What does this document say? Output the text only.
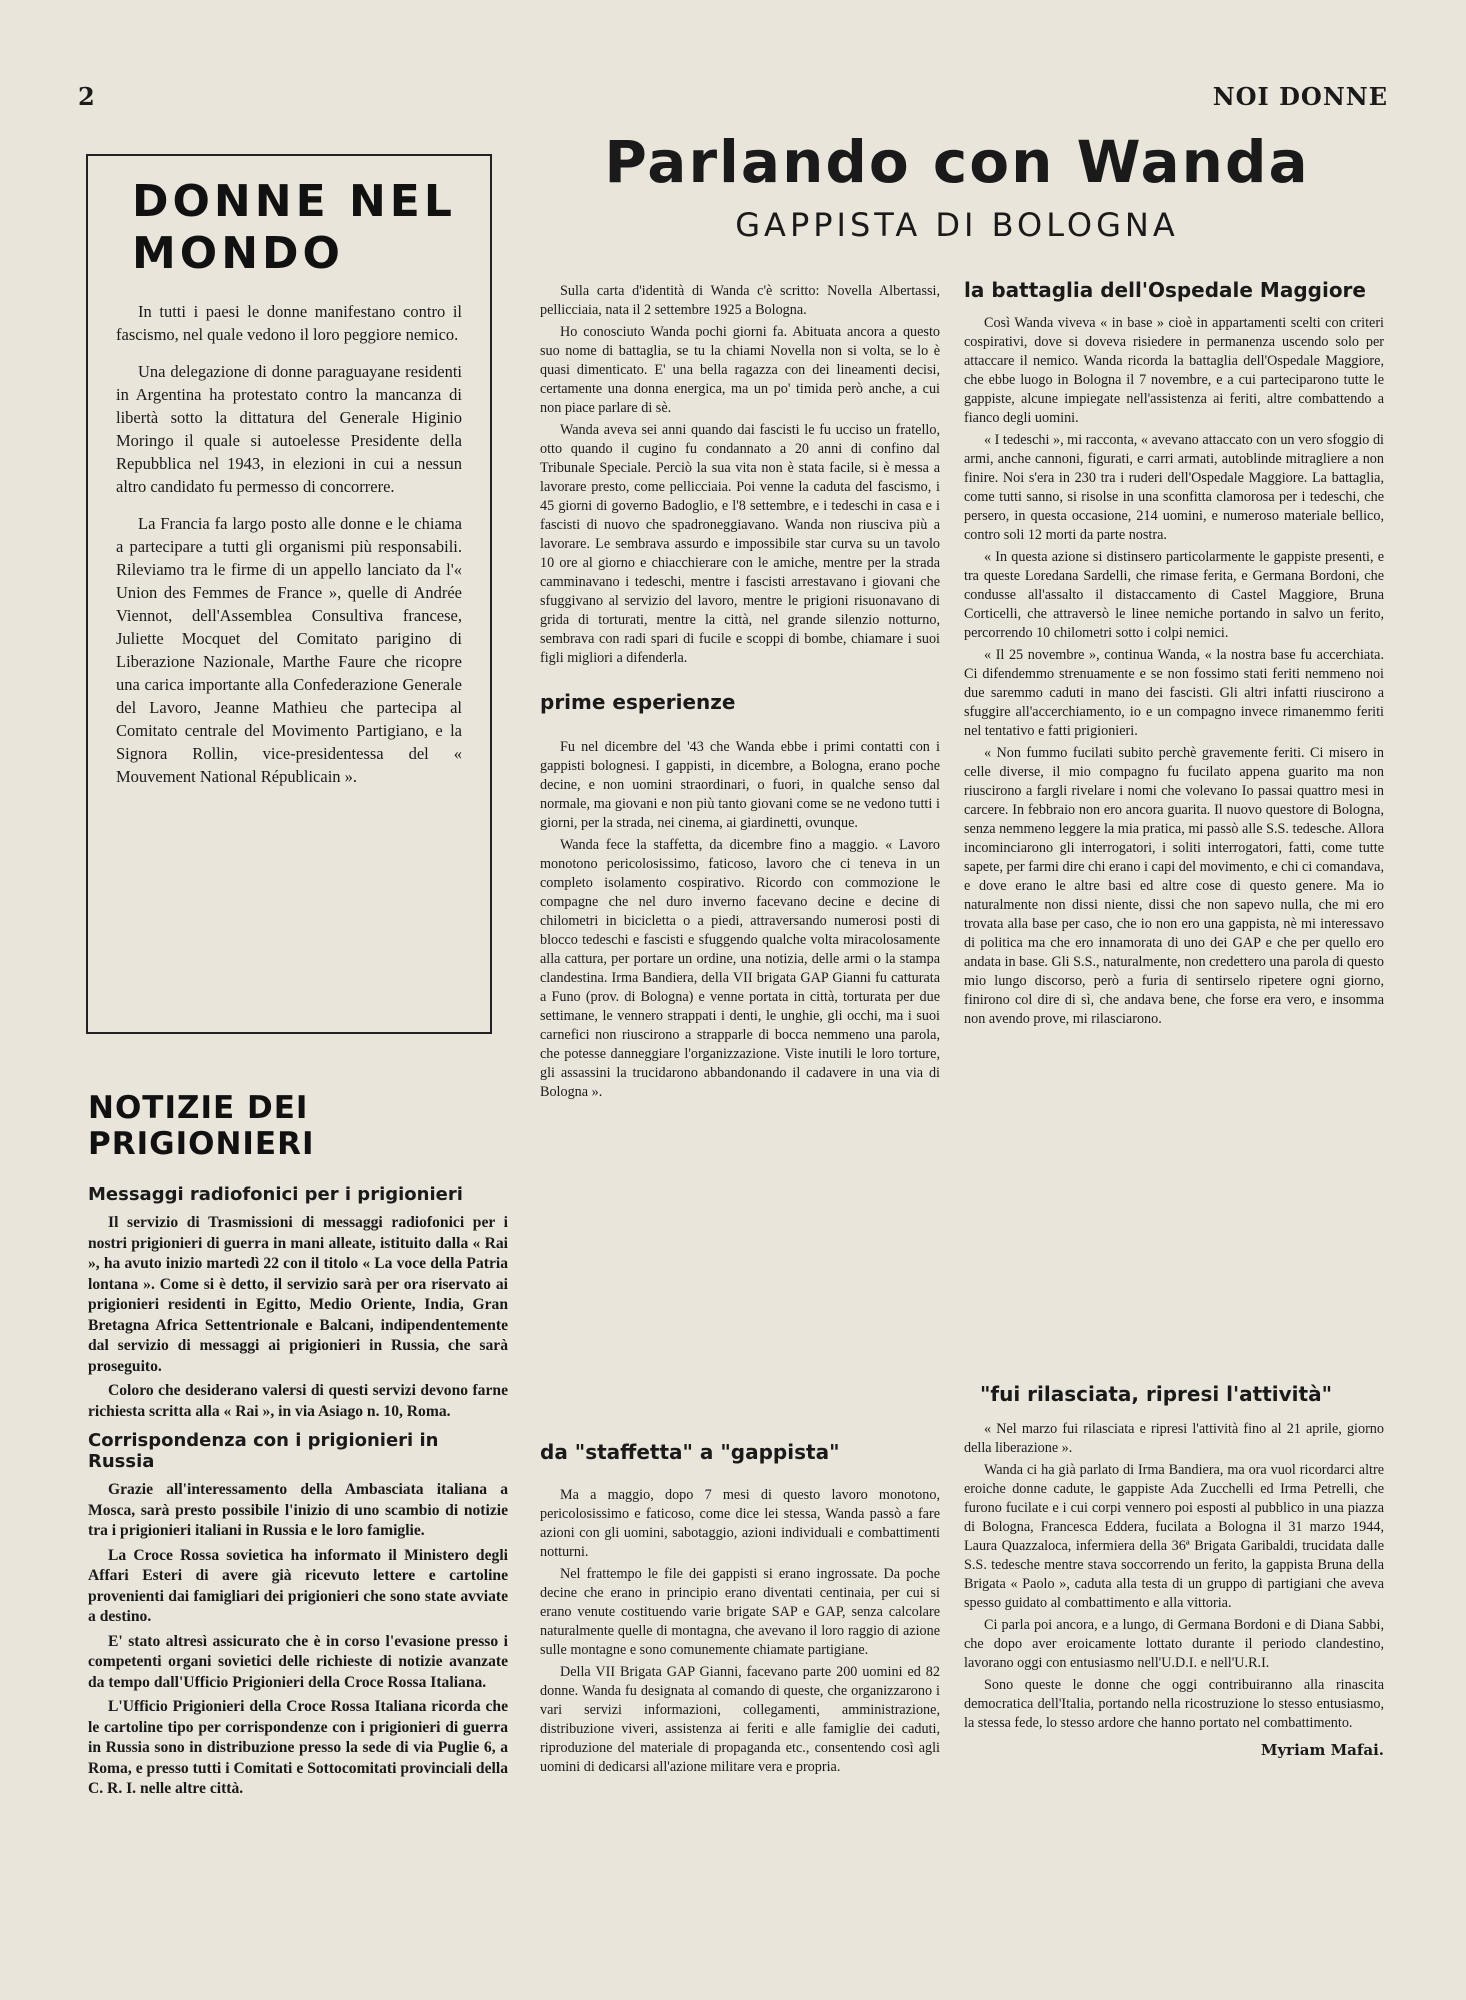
2	NOI DONNE
DONNE NEL MONDO

In tutti i paesi le donne manifestano contro il fascismo, nel quale vedono il loro peggiore nemico.

Una delegazione di donne paraguayane residenti in Argentina ha protestato contro la mancanza di libertà sotto la dittatura del Generale Higinio Moringo il quale si autoelesse Presidente della Repubblica nel 1943, in elezioni in cui a nessun altro candidato fu permesso di concorrere.

La Francia fa largo posto alle donne e le chiama a partecipare a tutti gli organismi più responsabili. Rileviamo tra le firme di un appello lanciato da l'« Union des Femmes de France », quelle di Andrée Viennot, dell'Assemblea Consultiva francese, Juliette Mocquet del Comitato parigino di Liberazione Nazionale, Marthe Faure che ricopre una carica importante alla Confederazione Generale del Lavoro, Jeanne Mathieu che partecipa al Comitato centrale del Movimento Partigiano, e la Signora Rollin, vice-presidentessa del « Mouvement National Républicain ».

NOTIZIE DEI PRIGIONIERI
Messaggi radiofonici per i prigionieri

Il servizio di Trasmissioni di messaggi radiofonici per i nostri prigionieri di guerra in mani alleate, istituito dalla « Rai », ha avuto inizio martedì 22 con il titolo « La voce della Patria lontana ». Come si è detto, il servizio sarà per ora riservato ai prigionieri residenti in Egitto, Medio Oriente, India, Gran Bretagna Africa Settentrionale e Balcani, indipendentemente dal servizio di messaggi ai prigionieri in Russia, che sarà proseguito.

Coloro che desiderano valersi di questi servizi devono farne richiesta scritta alla « Rai », in via Asiago n. 10, Roma.

Corrispondenza con i prigionieri in Russia

Grazie all'interessamento della Ambasciata italiana a Mosca, sarà presto possibile l'inizio di uno scambio di notizie tra i prigionieri italiani in Russia e le loro famiglie.

La Croce Rossa sovietica ha informato il Ministero degli Affari Esteri di avere già ricevuto lettere e cartoline provenienti dai famigliari dei prigionieri che sono state avviate a destino.

E' stato altresì assicurato che è in corso l'evasione presso i competenti organi sovietici delle richieste di notizie avanzate da tempo dall'Ufficio Prigionieri della Croce Rossa Italiana.

L'Ufficio Prigionieri della Croce Rossa Italiana ricorda che le cartoline tipo per corrispondenze con i prigionieri di guerra in Russia sono in distribuzione presso la sede di via Puglie 6, a Roma, e presso tutti i Comitati e Sottocomitati provinciali della C. R. I. nelle altre città.

Parlando con Wanda
GAPPISTA DI BOLOGNA

Sulla carta d'identità di Wanda c'è scritto: Novella Albertassi, pellicciaia, nata il 2 settembre 1925 a Bologna.

Ho conosciuto Wanda pochi giorni fa. Abituata ancora a questo suo nome di battaglia, se tu la chiami Novella non si volta, se lo è quasi dimenticato. E' una bella ragazza con dei lineamenti decisi, certamente una donna energica, ma un po' timida però anche, a cui non piace parlare di sè.

Wanda aveva sei anni quando dai fascisti le fu ucciso un fratello, otto quando il cugino fu condannato a 20 anni di confino dal Tribunale Speciale. Perciò la sua vita non è stata facile, si è messa a lavorare presto, come pellicciaia. Poi venne la caduta del fascismo, i 45 giorni di governo Badoglio, e l'8 settembre, e i tedeschi in casa e i fascisti di nuovo che spadroneggiavano. Wanda non riusciva più a lavorare. Le sembrava assurdo e impossibile star curva su un tavolo 10 ore al giorno e chiacchierare con le amiche, mentre per la strada camminavano i tedeschi, mentre i fascisti arrestavano i giovani che sfuggivano al servizio del lavoro, mentre le prigioni risuonavano di grida di torturati, mentre la città, nel grande silenzio notturno, sembrava con radi spari di fucile e scoppi di bombe, chiamare i suoi figli migliori a difenderla.

prime esperienze

Fu nel dicembre del '43 che Wanda ebbe i primi contatti con i gappisti bolognesi. I gappisti, in dicembre, a Bologna, erano poche decine, e non uomini straordinari, o fuori, in qualche senso dal normale, ma giovani e non più tanto giovani come se ne vedono tutti i giorni, per la strada, nei cinema, ai giardinetti, ovunque.

Wanda fece la staffetta, da dicembre fino a maggio. « Lavoro monotono pericolosissimo, faticoso, lavoro che ci teneva in un completo isolamento cospirativo. Ricordo con commozione le compagne che nel duro inverno facevano decine e decine di chilometri in bicicletta o a piedi, attraversando numerosi posti di blocco tedeschi e fascisti e sfuggendo qualche volta miracolosamente alla cattura, per portare un ordine, una notizia, delle armi o la stampa clandestina. Irma Bandiera, della VII brigata GAP Gianni fu catturata a Funo (prov. di Bologna) e venne portata in città, torturata per due settimane, le vennero strappati i denti, le unghie, gli occhi, ma i suoi carnefici non riuscirono a strapparle di bocca nemmeno una parola, che potesse danneggiare l'organizzazione. Viste inutili le loro torture, gli assassini la trucidarono abbandonando il cadavere in una via di Bologna ».

da "staffetta" a "gappista"

Ma a maggio, dopo 7 mesi di questo lavoro monotono, pericolosissimo e faticoso, come dice lei stessa, Wanda passò a fare azioni con gli uomini, sabotaggio, azioni individuali e combattimenti notturni.

Nel frattempo le file dei gappisti si erano ingrossate. Da poche decine che erano in principio erano diventati centinaia, per cui si erano venute costituendo varie brigate SAP e GAP, senza calcolare naturalmente quelle di montagna, che avevano il loro raggio di azione sulle montagne e sono comunemente chiamate partigiane.

Della VII Brigata GAP Gianni, facevano parte 200 uomini ed 82 donne. Wanda fu designata al comando di queste, che organizzarono i vari servizi informazioni, collegamenti, amministrazione, distribuzione viveri, assistenza ai feriti e alle famiglie dei caduti, riproduzione del materiale di propaganda etc., consentendo così agli uomini di dedicarsi all'azione militare vera e propria.

la battaglia dell'Ospedale Maggiore

Così Wanda viveva « in base » cioè in appartamenti scelti con criteri cospirativi, dove si doveva risiedere in permanenza uscendo solo per attaccare il nemico. Wanda ricorda la battaglia dell'Ospedale Maggiore, che ebbe luogo in Bologna il 7 novembre, e a cui parteciparono tutte le gappiste, alcune impiegate nell'assistenza ai feriti, altre combattendo a fianco degli uomini.

« I tedeschi », mi racconta, « avevano attaccato con un vero sfoggio di armi, anche cannoni, figurati, e carri armati, autoblinde mitragliere a non finire. Noi s'era in 230 tra i ruderi dell'Ospedale Maggiore. La battaglia, come tutti sanno, si risolse in una sconfitta clamorosa per i tedeschi, che persero, in questa occasione, 214 uomini, e numeroso materiale bellico, contro soli 12 morti da parte nostra.

« In questa azione si distinsero particolarmente le gappiste presenti, e tra queste Loredana Sardelli, che rimase ferita, e Germana Bordoni, che condusse all'assalto il distaccamento di Castel Maggiore, Bruna Corticelli, che attraversò le linee nemiche portando in salvo un ferito, percorrendo 10 chilometri sotto i colpi nemici.

« Il 25 novembre », continua Wanda, « la nostra base fu accerchiata. Ci difendemmo strenuamente e se non fossimo stati feriti nemmeno noi due saremmo caduti in mano dei fascisti. Gli altri infatti riuscirono a sfuggire all'accerchiamento, io e un compagno invece rimanemmo feriti nel tentativo e fatti prigionieri.

« Non fummo fucilati subito perchè gravemente feriti. Ci misero in celle diverse, il mio compagno fu fucilato appena guarito ma non riuscirono a fargli rivelare i nomi che volevano Io passai quattro mesi in carcere. In febbraio non ero ancora guarita. Il nuovo questore di Bologna, senza nemmeno leggere la mia pratica, mi passò alle S.S. tedesche. Allora incominciarono gli interrogatori, i soliti interrogatori, fatti, come tutte sapete, per farmi dire chi erano i capi del movimento, e chi ci comandava, e dove erano le altre basi ed altre cose di questo genere. Ma io naturalmente non dissi niente, dissi che non sapevo nulla, che mi ero trovata alla base per caso, che io non ero una gappista, nè mi interessavo di politica ma che ero innamorata di uno dei GAP e che per quello ero andata in base. Gli S.S., naturalmente, non credettero una parola di questo mio lungo discorso, però a furia di sentirselo ripetere ogni giorno, finirono col dire di sì, che andava bene, che forse era vero, e insomma non avendo prove, mi rilasciarono.

"fui rilasciata, ripresi l'attività"

« Nel marzo fui rilasciata e ripresi l'attività fino al 21 aprile, giorno della liberazione ».

Wanda ci ha già parlato di Irma Bandiera, ma ora vuol ricordarci altre eroiche donne cadute, le gappiste Ada Zucchelli ed Irma Petrelli, che furono fucilate e i cui corpi vennero poi esposti al pubblico in una piazza di Bologna, Francesca Eddera, fucilata a Bologna il 31 marzo 1944, Laura Quazzaloca, infermiera della 36ª Brigata Garibaldi, trucidata dalle S.S. tedesche mentre stava soccorrendo un ferito, la gappista Bruna della Brigata « Paolo », caduta alla testa di un gruppo di partigiani che aveva spesso guidato al combattimento e alla vittoria.

Ci parla poi ancora, e a lungo, di Germana Bordoni e di Diana Sabbi, che dopo aver eroicamente lottato durante il periodo clandestino, lavorano oggi con entusiasmo nell'U.D.I. e nell'U.R.I.

Sono queste le donne che oggi contribuiranno alla rinascita democratica dell'Italia, portando nella ricostruzione lo stesso entusiasmo, la stessa fede, lo stesso ardore che hanno portato nel combattimento.

Myriam Mafai.
